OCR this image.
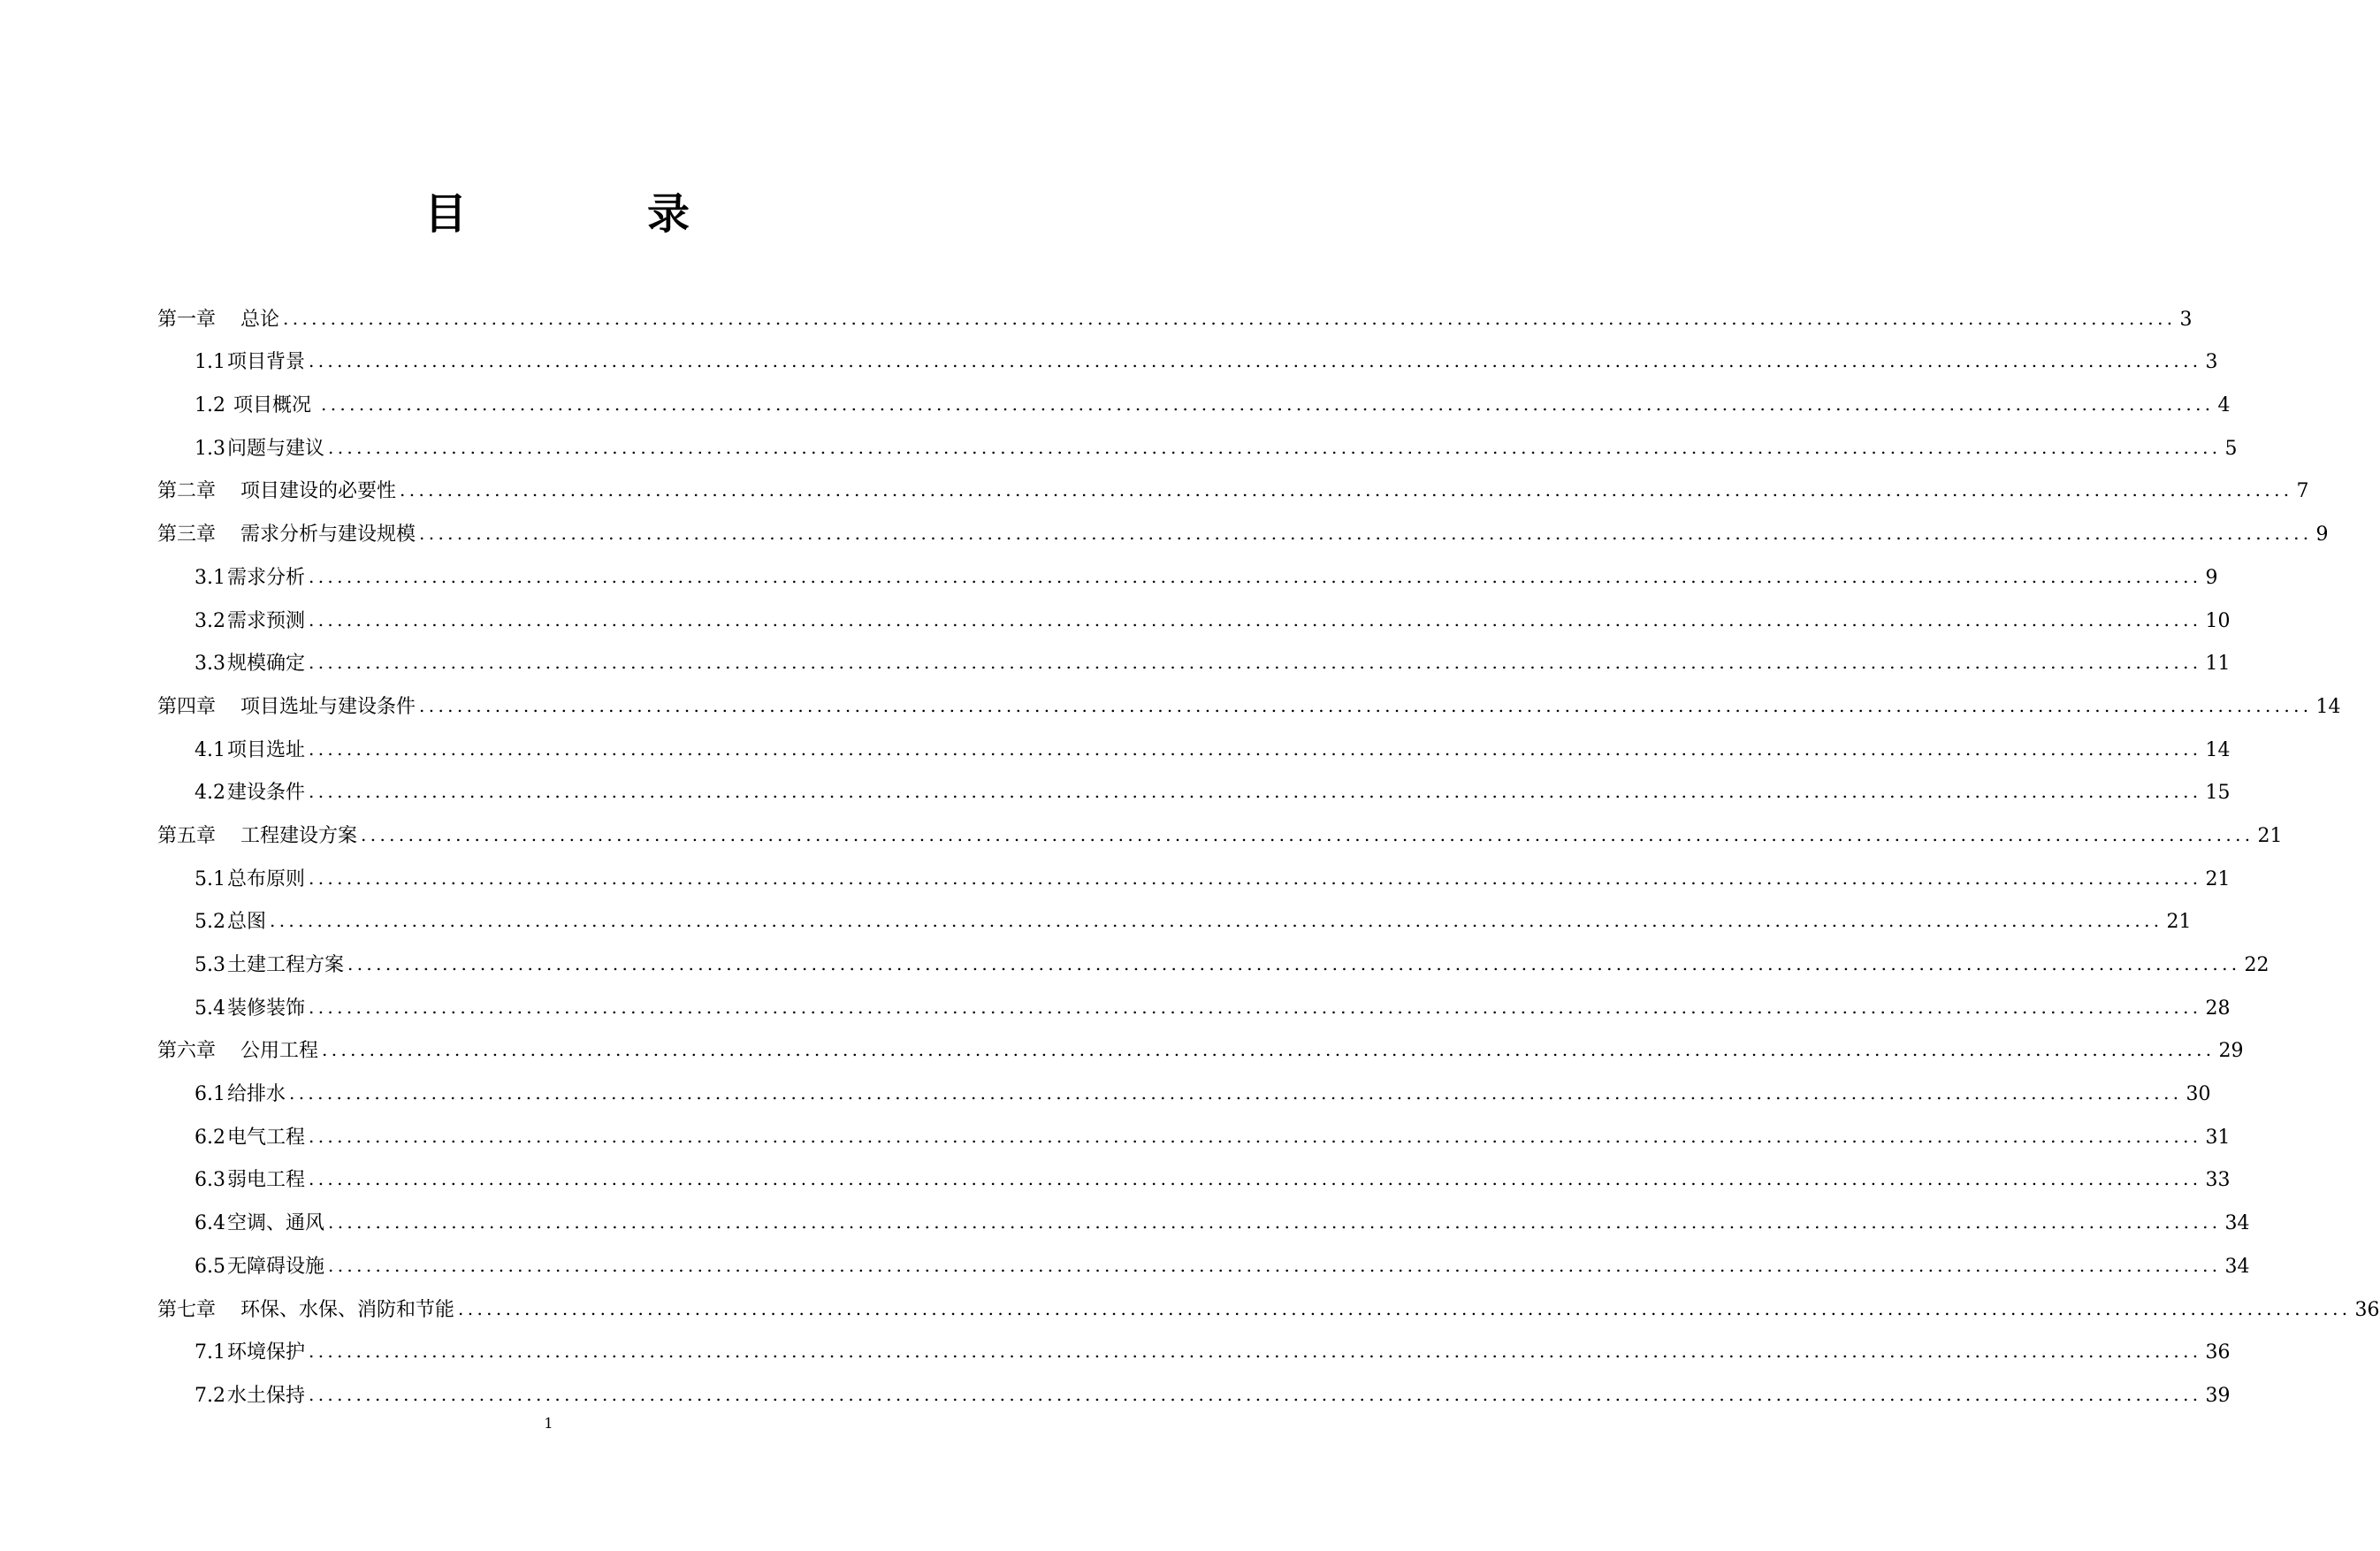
目	录
第一章 总论 ........................................................................................................................................................................................................ 3
1.1 项目背景 ........................................................................................................................................................................................................ 3
1.2 项目概况 ........................................................................................................................................................................................................ 4
1.3 问题与建议 ........................................................................................................................................................................................................ 5
第二章 项目建设的必要性 ........................................................................................................................................................................................................ 7
第三章 需求分析与建设规模 ........................................................................................................................................................................................................ 9
3.1 需求分析 ........................................................................................................................................................................................................ 9
3.2 需求预测 ........................................................................................................................................................................................................ 10
3.3 规模确定 ........................................................................................................................................................................................................ 11
第四章 项目选址与建设条件 ........................................................................................................................................................................................................ 14
4.1 项目选址 ........................................................................................................................................................................................................ 14
4.2 建设条件 ........................................................................................................................................................................................................ 15
第五章 工程建设方案 ........................................................................................................................................................................................................ 21
5.1 总布原则 ........................................................................................................................................................................................................ 21
5.2 总图 ........................................................................................................................................................................................................ 21
5.3 土建工程方案 ........................................................................................................................................................................................................ 22
5.4 装修装饰 ........................................................................................................................................................................................................ 28
第六章 公用工程 ........................................................................................................................................................................................................ 29
6.1 给排水 ........................................................................................................................................................................................................ 30
6.2 电气工程 ........................................................................................................................................................................................................ 31
6.3 弱电工程 ........................................................................................................................................................................................................ 33
6.4 空调、通风 ........................................................................................................................................................................................................ 34
6.5 无障碍设施 ........................................................................................................................................................................................................ 34
第七章 环保、水保、消防和节能 ........................................................................................................................................................................................................ 36
7.1 环境保护 ........................................................................................................................................................................................................ 36
7.2 水土保持 ........................................................................................................................................................................................................ 39
1
